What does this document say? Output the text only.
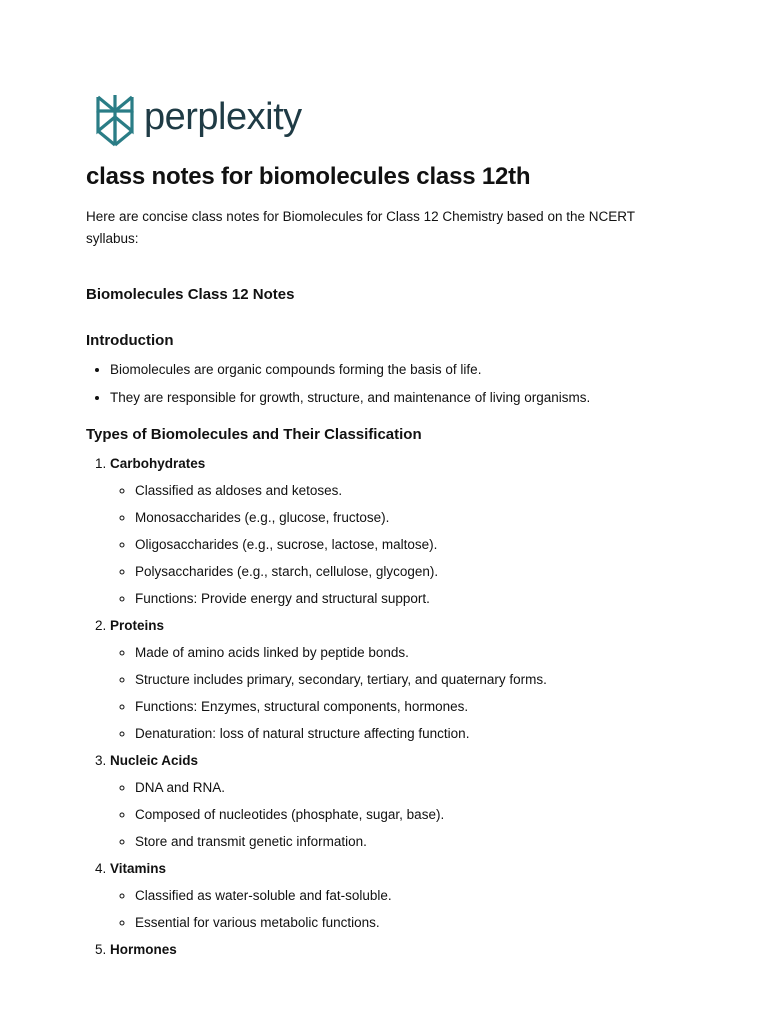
perplexity
class notes for biomolecules class 12th

Here are concise class notes for Biomolecules for Class 12 Chemistry based on the NCERT syllabus:

Biomolecules Class 12 Notes
Introduction
• Biomolecules are organic compounds forming the basis of life.
• They are responsible for growth, structure, and maintenance of living organisms.
Types of Biomolecules and Their Classification
1. Carbohydrates
◦ Classified as aldoses and ketoses.
◦ Monosaccharides (e.g., glucose, fructose).
◦ Oligosaccharides (e.g., sucrose, lactose, maltose).
◦ Polysaccharides (e.g., starch, cellulose, glycogen).
◦ Functions: Provide energy and structural support.
2. Proteins
◦ Made of amino acids linked by peptide bonds.
◦ Structure includes primary, secondary, tertiary, and quaternary forms.
◦ Functions: Enzymes, structural components, hormones.
◦ Denaturation: loss of natural structure affecting function.
3. Nucleic Acids
◦ DNA and RNA.
◦ Composed of nucleotides (phosphate, sugar, base).
◦ Store and transmit genetic information.
4. Vitamins
◦ Classified as water-soluble and fat-soluble.
◦ Essential for various metabolic functions.
5. Hormones
